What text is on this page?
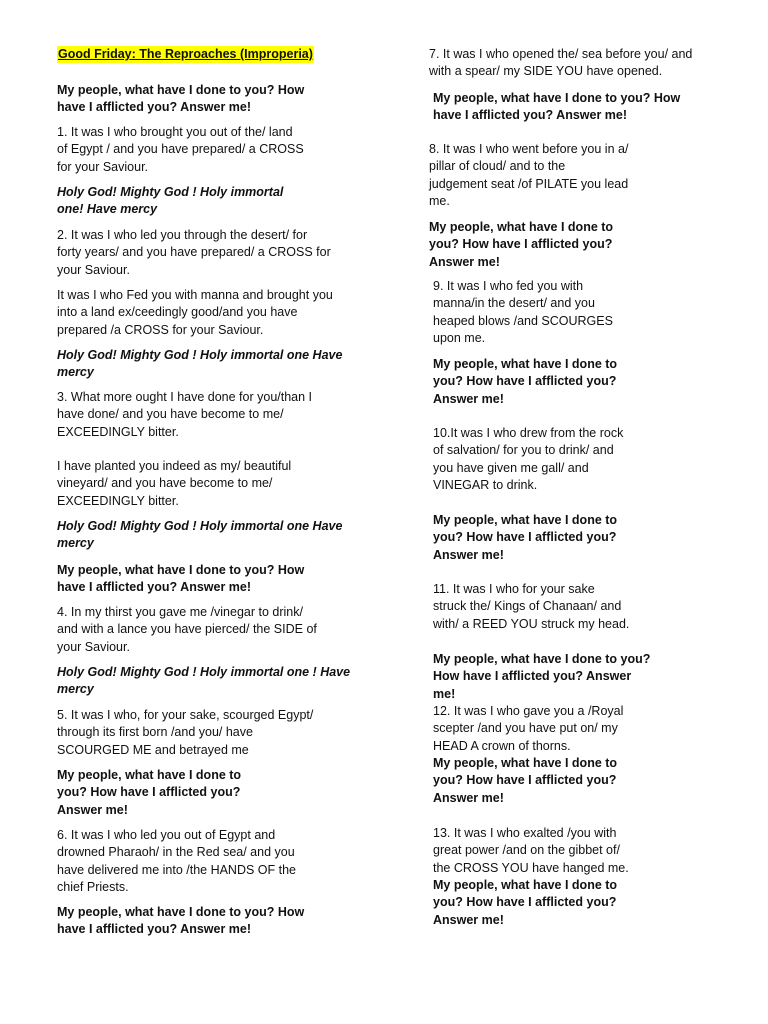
Good Friday: The Reproaches (Improperia)

My people, what have I done to you? How
have I afflicted you? Answer me!

1. It was I who brought you out of the/ land
of Egypt / and you have prepared/ a CROSS
for your Saviour.

Holy God! Mighty God ! Holy immortal
one! Have mercy

2. It was I who led you through the desert/ for
forty years/ and you have prepared/ a CROSS for
your Saviour.

It was I who Fed you with manna and brought you
into a land ex/ceedingly good/and you have
prepared /a CROSS for your Saviour.

Holy God! Mighty God ! Holy immortal one Have
mercy

3. What more ought I have done for you/than I
have done/ and you have become to me/
EXCEEDINGLY bitter.

I have planted you indeed as my/ beautiful
vineyard/ and you have become to me/
EXCEEDINGLY bitter.

Holy God! Mighty God ! Holy immortal one Have
mercy

My people, what have I done to you? How
have I afflicted you? Answer me!

4. In my thirst you gave me /vinegar to drink/
and with a lance you have pierced/ the SIDE of
your Saviour.

Holy God! Mighty God ! Holy immortal one ! Have
mercy

5. It was I who, for your sake, scourged Egypt/
through its first born /and you/ have
SCOURGED ME and betrayed me

My people, what have I done to
you? How have I afflicted you?
Answer me!

6. It was I who led you out of Egypt and
drowned Pharaoh/ in the Red sea/ and you
have delivered me into /the HANDS OF the
chief Priests.

My people, what have I done to you? How
have I afflicted you? Answer me!

7. It was I who opened the/ sea before you/ and
with a spear/ my SIDE YOU have opened.

My people, what have I done to you? How
have I afflicted you? Answer me!

8. It was I who went before you in a/
pillar of cloud/ and to the
judgement seat /of PILATE you lead
me.

My people, what have I done to
you? How have I afflicted you?
Answer me!

9. It was I who fed you with
manna/in the desert/ and you
heaped blows /and SCOURGES
upon me.

My people, what have I done to
you? How have I afflicted you?
Answer me!

10.It was I who drew from the rock
of salvation/ for you to drink/ and
you have given me gall/ and
VINEGAR to drink.

My people, what have I done to
you? How have I afflicted you?
Answer me!

11. It was I who for your sake
struck the/ Kings of Chanaan/ and
with/ a REED YOU struck my head.

My people, what have I done to you?
How have I afflicted you? Answer
me!

12. It was I who gave you a /Royal
scepter /and you have put on/ my
HEAD A crown of thorns.

My people, what have I done to
you? How have I afflicted you?
Answer me!

13. It was I who exalted /you with
great power /and on the gibbet of/
the CROSS YOU have hanged me.

My people, what have I done to
you? How have I afflicted you?
Answer me!
